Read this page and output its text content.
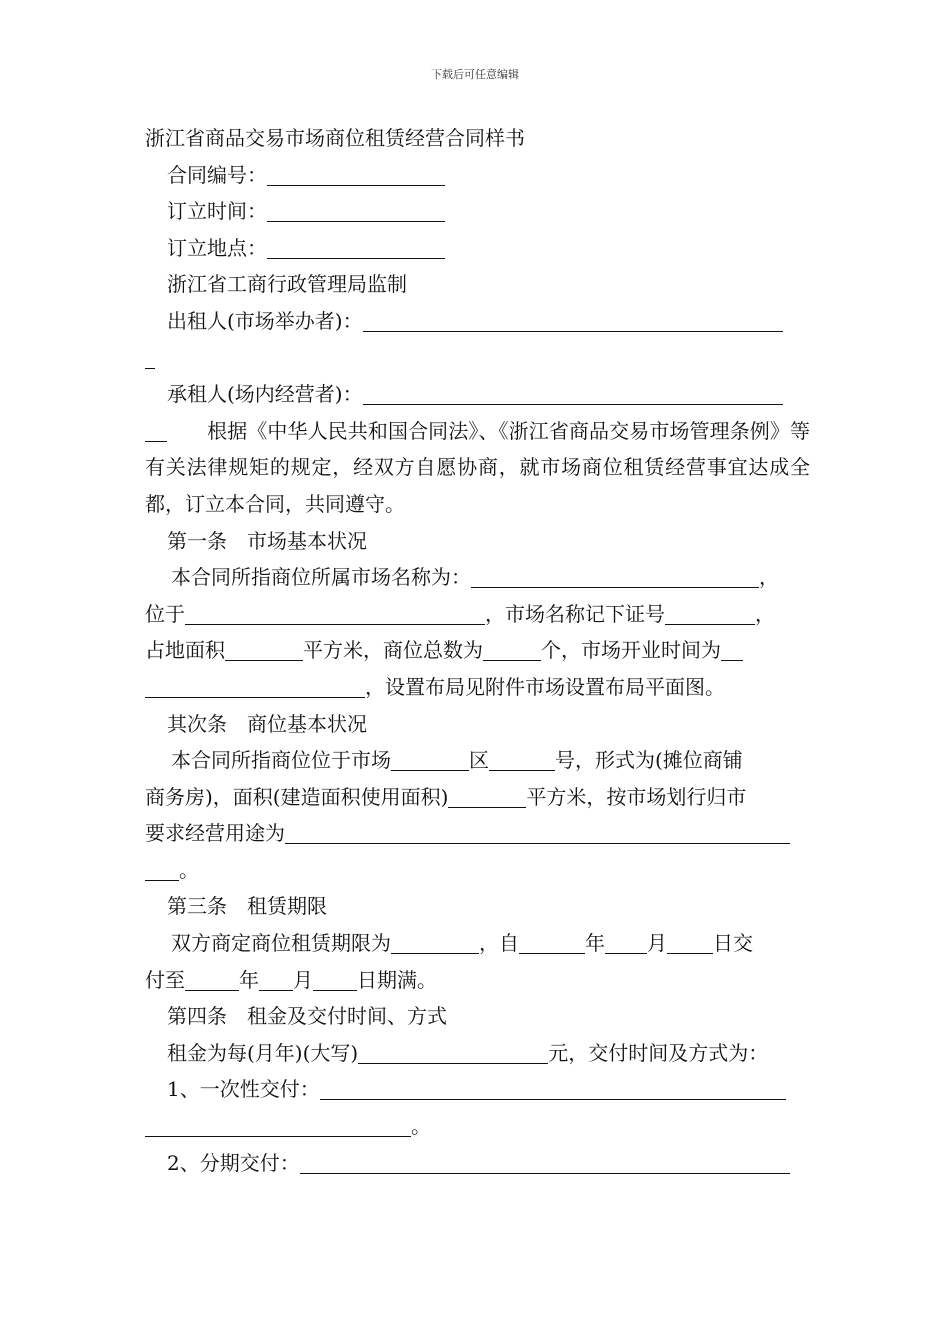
下载后可任意编辑
浙江省商品交易市场商位租赁经营合同样书
合同编号：
订立时间：
订立地点：
浙江省工商行政管理局监制
出租人(市场举办者)：
承租人(场内经营者)：
根据《中华人民共和国合同法》、《浙江省商品交易市场管理条例》等有关法律规矩的规定，经双方自愿协商，就市场商位租赁经营事宜达成全都，订立本合同，共同遵守。
第一条　市场基本状况
本合同所指商位所属市场名称为：	，
位于	，市场名称记下证号	，
占地面积	平方米，商位总数为	个，市场开业时间为
，设置布局见附件市场设置布局平面图。
其次条　商位基本状况
本合同所指商位位于市场	区	号，形式为(摊位商铺
商务房)，面积(建造面积使用面积)	平方米，按市场划行归市
要求经营用途为
。
第三条　租赁期限
双方商定商位租赁期限为	，自	年 月 日交
付至	年 月 日期满。
第四条　租金及交付时间、方式
租金为每(月年)(大写)	元，交付时间及方式为：
1、一次性交付：
。
2、分期交付：
